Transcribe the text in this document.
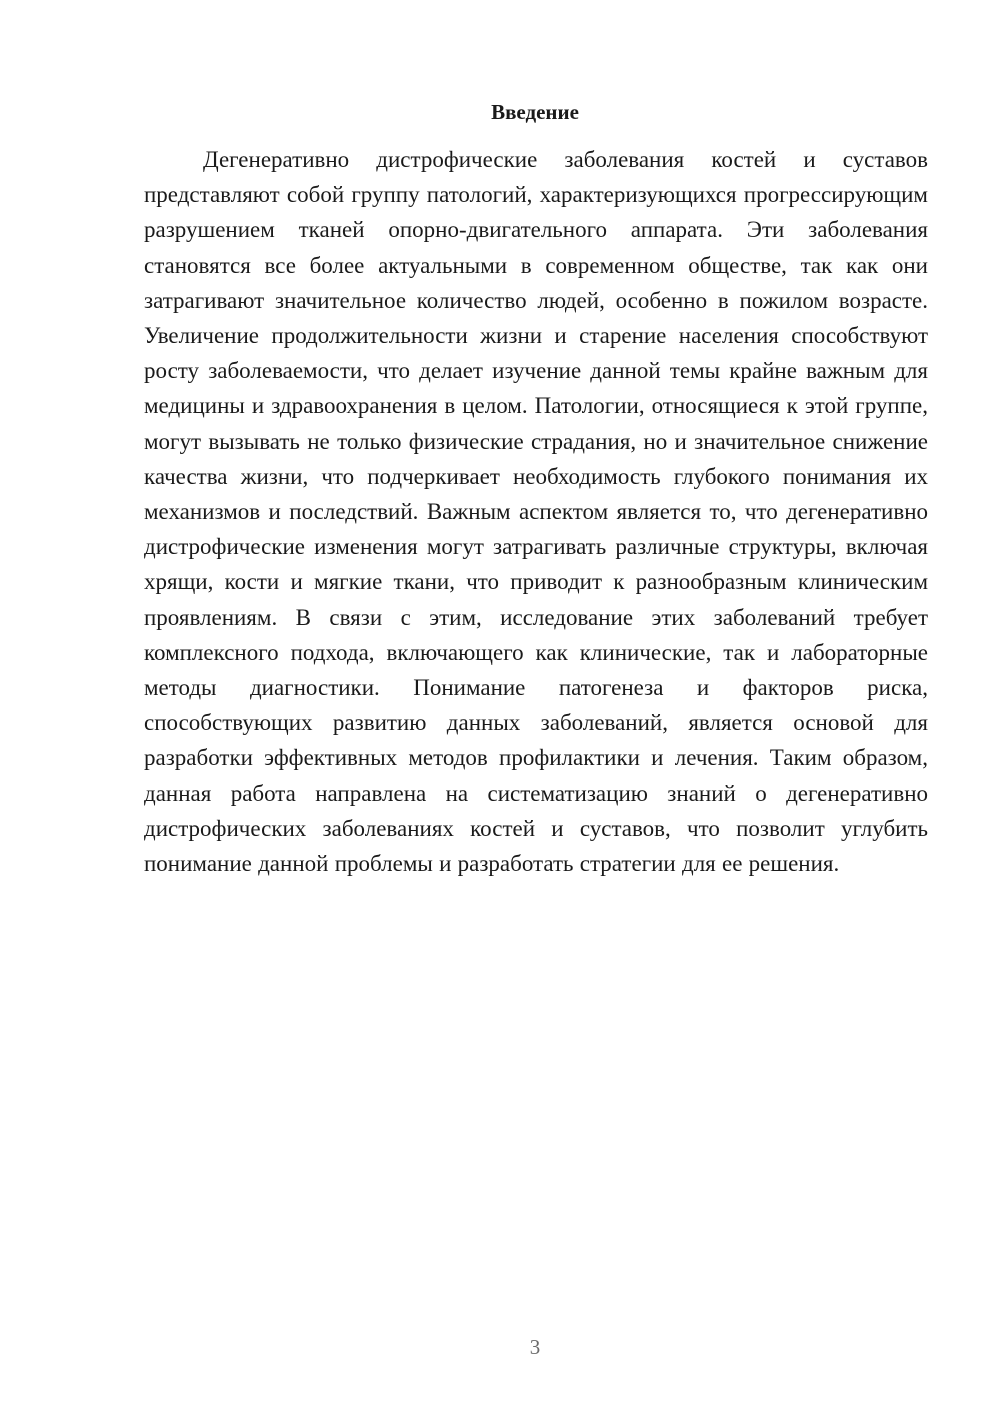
Введение

Дегенеративно дистрофические заболевания костей и суставов представляют собой группу патологий, характеризующихся прогрессирующим разрушением тканей опорно-двигательного аппарата. Эти заболевания становятся все более актуальными в современном обществе, так как они затрагивают значительное количество людей, особенно в пожилом возрасте. Увеличение продолжительности жизни и старение населения способствуют росту заболеваемости, что делает изучение данной темы крайне важным для медицины и здравоохранения в целом. Патологии, относящиеся к этой группе, могут вызывать не только физические страдания, но и значительное снижение качества жизни, что подчеркивает необходимость глубокого понимания их механизмов и последствий. Важным аспектом является то, что дегенеративно дистрофические изменения могут затрагивать различные структуры, включая хрящи, кости и мягкие ткани, что приводит к разнообразным клиническим проявлениям. В связи с этим, исследование этих заболеваний требует комплексного подхода, включающего как клинические, так и лабораторные методы диагностики. Понимание патогенеза и факторов риска, способствующих развитию данных заболеваний, является основой для разработки эффективных методов профилактики и лечения. Таким образом, данная работа направлена на систематизацию знаний о дегенеративно дистрофических заболеваниях костей и суставов, что позволит углубить понимание данной проблемы и разработать стратегии для ее решения.

3
